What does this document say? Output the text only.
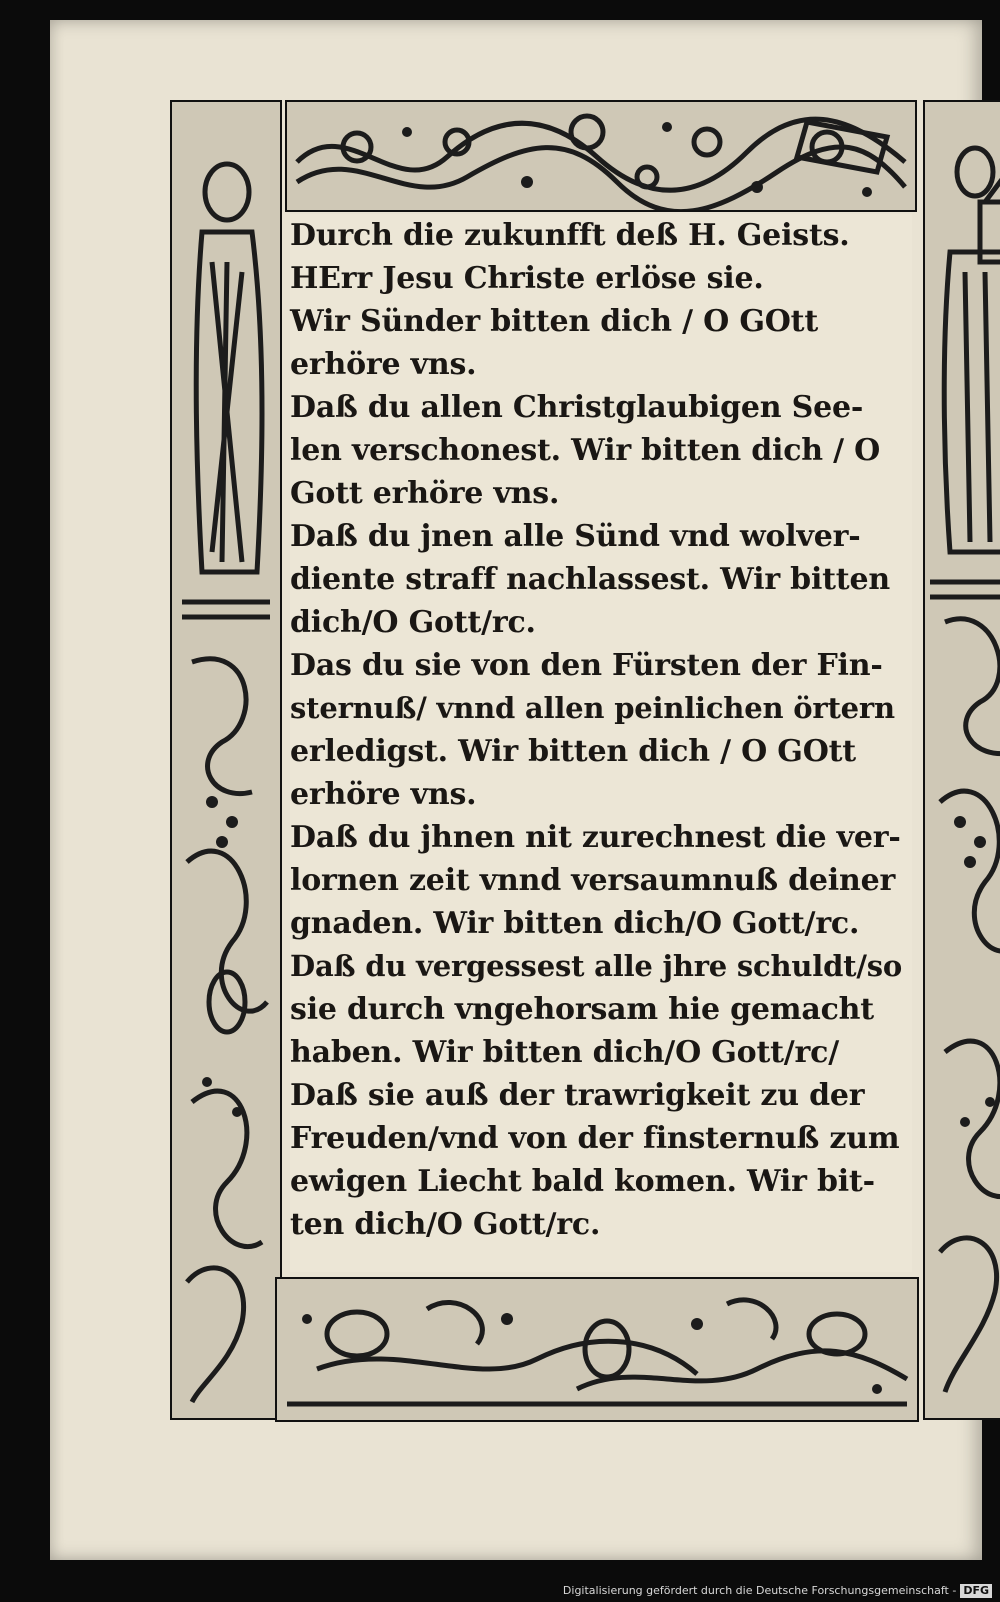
Durch die zukunfft deß H. Geists.
HErr Jesu Christe erlöse sie.
Wir Sünder bitten dich / O GOtt
erhöre vns.
Daß du allen Christglaubigen See-
len verschonest. Wir bitten dich / O
Gott erhöre vns.
Daß du jnen alle Sünd vnd wolver-
diente straff nachlassest. Wir bitten
dich/O Gott/rc.
Das du sie von den Fürsten der Fin-
sternuß/ vnnd allen peinlichen örtern
erledigst. Wir bitten dich / O GOtt
erhöre vns.
Daß du jhnen nit zurechnest die ver-
lornen zeit vnnd versaumnuß deiner
gnaden. Wir bitten dich/O Gott/rc.
Daß du vergessest alle jhre schuldt/so
sie durch vngehorsam hie gemacht
haben. Wir bitten dich/O Gott/rc/
Daß sie auß der trawrigkeit zu der
Freuden/vnd von der finsternuß zum
ewigen Liecht bald komen. Wir bit-
ten dich/O Gott/rc.
Digitalisierung gefördert durch die Deutsche Forschungsgemeinschaft - DFG
